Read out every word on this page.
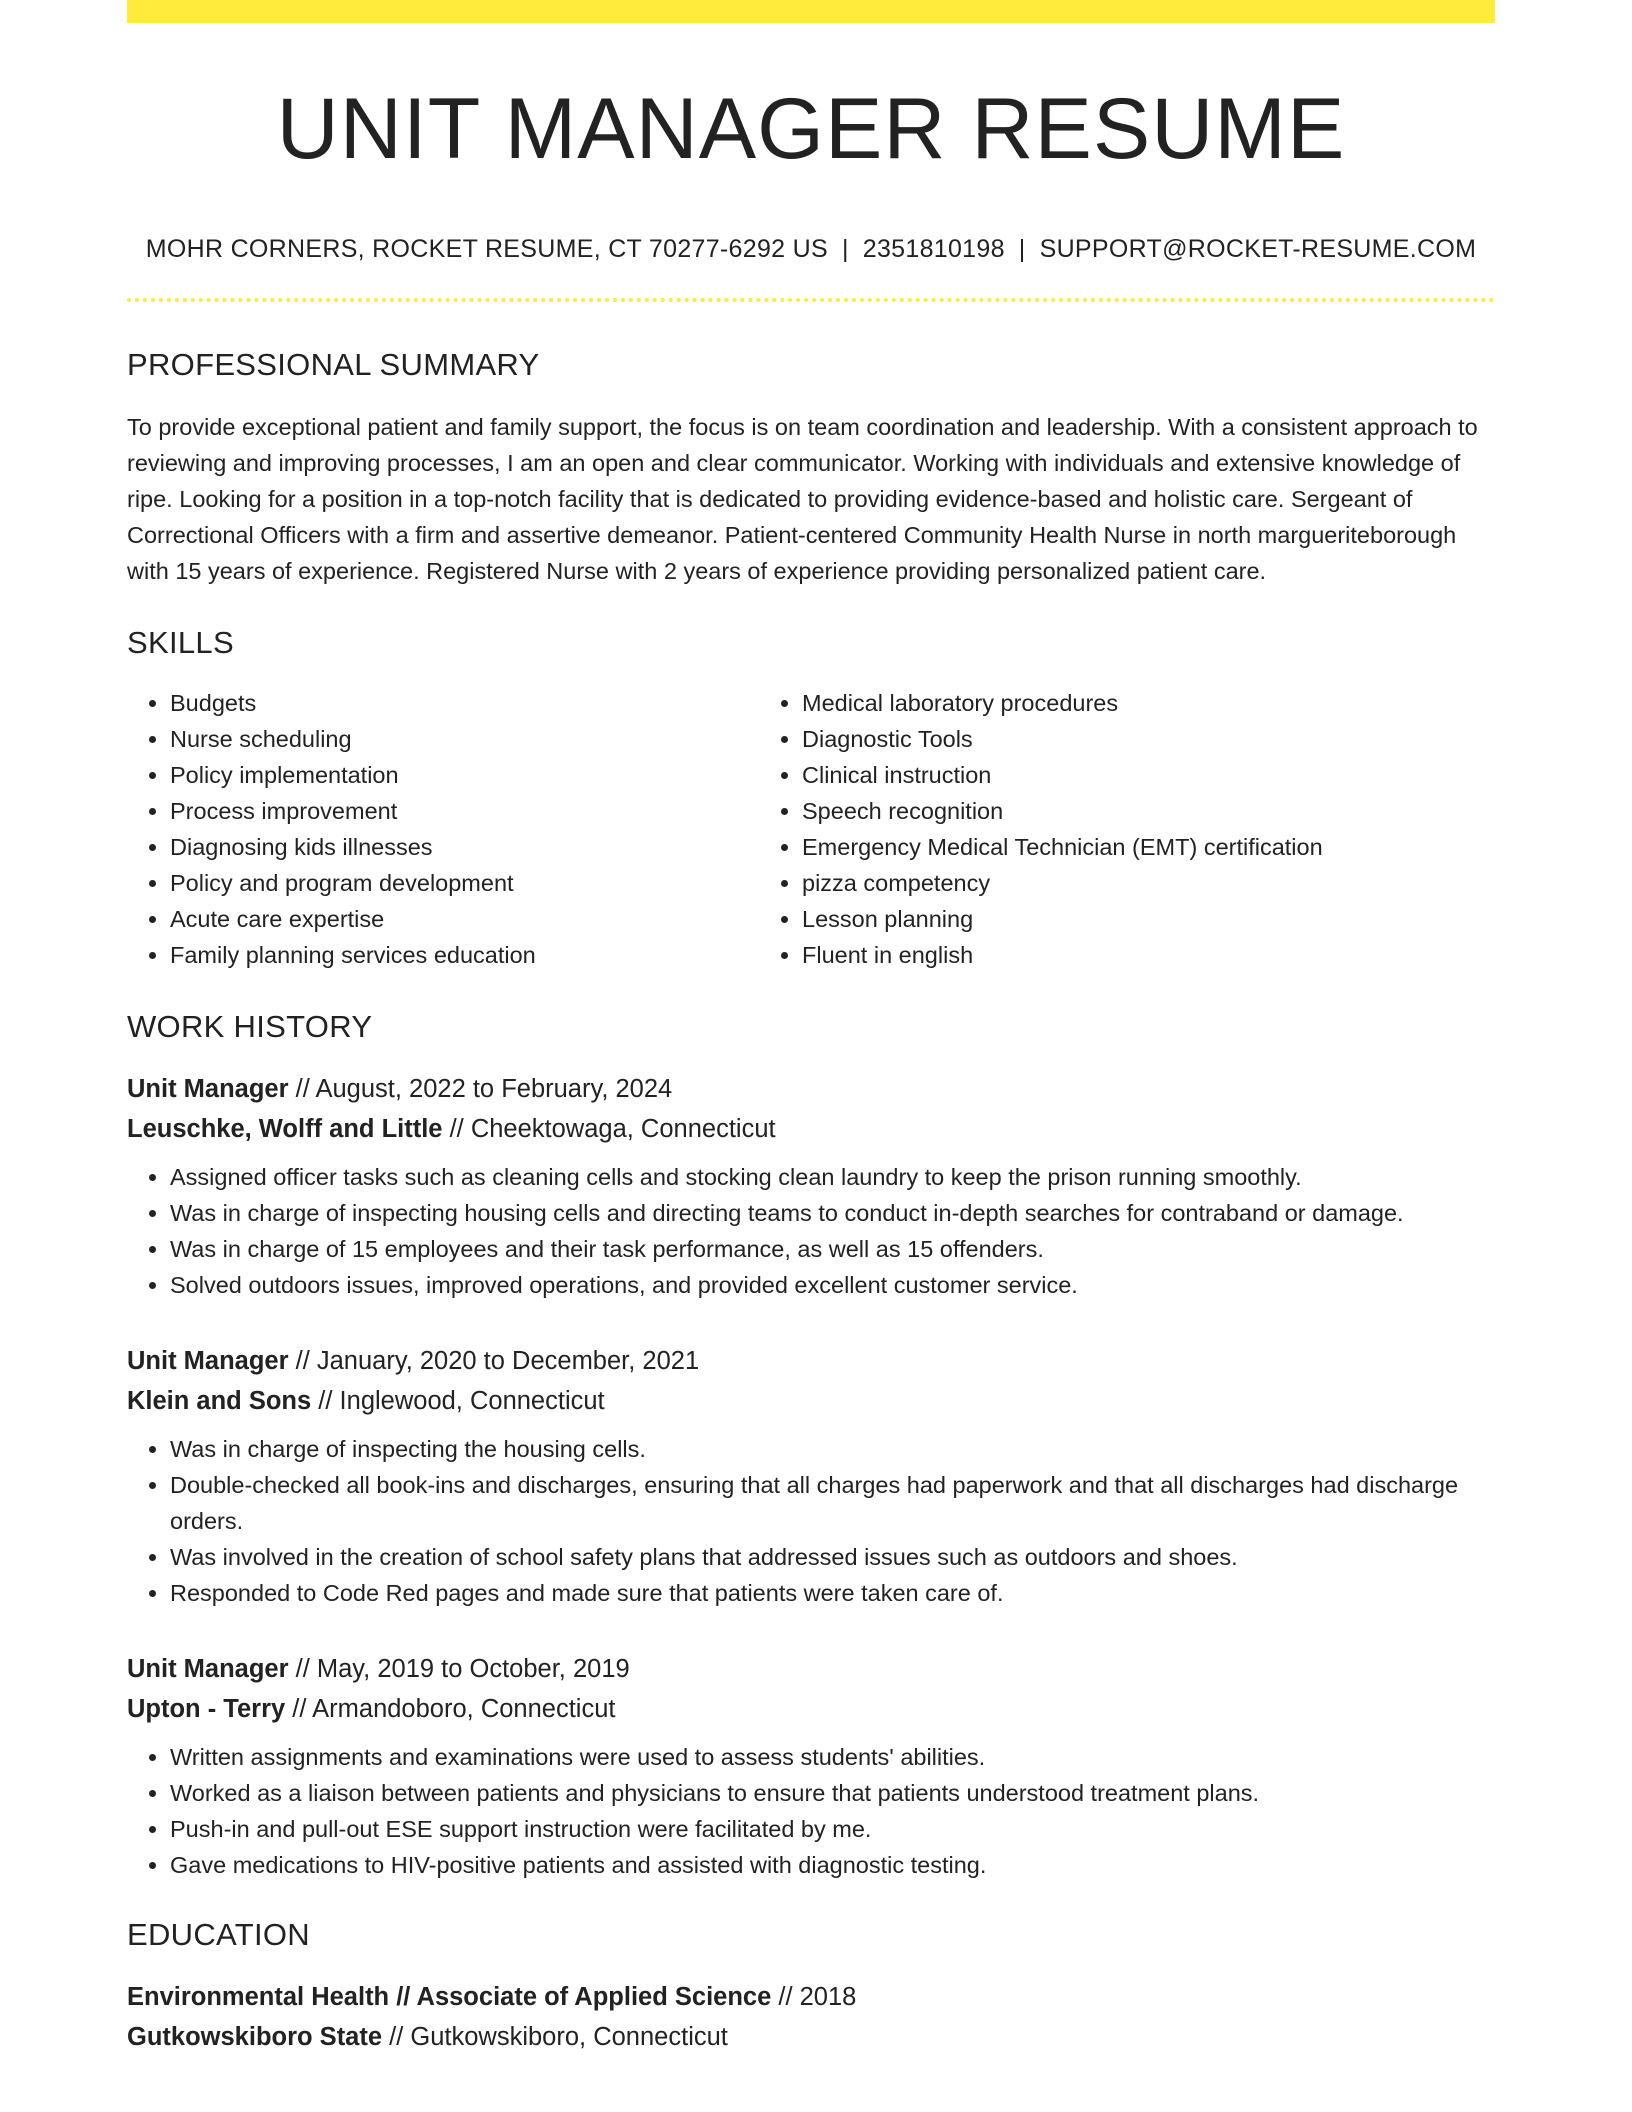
UNIT MANAGER RESUME
MOHR CORNERS, ROCKET RESUME, CT 70277-6292 US | 2351810198 | SUPPORT@ROCKET-RESUME.COM
PROFESSIONAL SUMMARY

To provide exceptional patient and family support, the focus is on team coordination and leadership. With a consistent approach to reviewing and improving processes, I am an open and clear communicator. Working with individuals and extensive knowledge of ripe. Looking for a position in a top-notch facility that is dedicated to providing evidence-based and holistic care. Sergeant of Correctional Officers with a firm and assertive demeanor. Patient-centered Community Health Nurse in north margueriteborough with 15 years of experience. Registered Nurse with 2 years of experience providing personalized patient care.

SKILLS
• Budgets
• Nurse scheduling
• Policy implementation
• Process improvement
• Diagnosing kids illnesses
• Policy and program development
• Acute care expertise
• Family planning services education
• Medical laboratory procedures
• Diagnostic Tools
• Clinical instruction
• Speech recognition
• Emergency Medical Technician (EMT) certification
• pizza competency
• Lesson planning
• Fluent in english
WORK HISTORY
Unit Manager // August, 2022 to February, 2024
Leuschke, Wolff and Little // Cheektowaga, Connecticut
• Assigned officer tasks such as cleaning cells and stocking clean laundry to keep the prison running smoothly.
• Was in charge of inspecting housing cells and directing teams to conduct in-depth searches for contraband or damage.
• Was in charge of 15 employees and their task performance, as well as 15 offenders.
• Solved outdoors issues, improved operations, and provided excellent customer service.
Unit Manager // January, 2020 to December, 2021
Klein and Sons // Inglewood, Connecticut
• Was in charge of inspecting the housing cells.
• Double-checked all book-ins and discharges, ensuring that all charges had paperwork and that all discharges had discharge orders.
• Was involved in the creation of school safety plans that addressed issues such as outdoors and shoes.
• Responded to Code Red pages and made sure that patients were taken care of.
Unit Manager // May, 2019 to October, 2019
Upton - Terry // Armandoboro, Connecticut
• Written assignments and examinations were used to assess students' abilities.
• Worked as a liaison between patients and physicians to ensure that patients understood treatment plans.
• Push-in and pull-out ESE support instruction were facilitated by me.
• Gave medications to HIV-positive patients and assisted with diagnostic testing.
EDUCATION
Environmental Health // Associate of Applied Science // 2018
Gutkowskiboro State // Gutkowskiboro, Connecticut
